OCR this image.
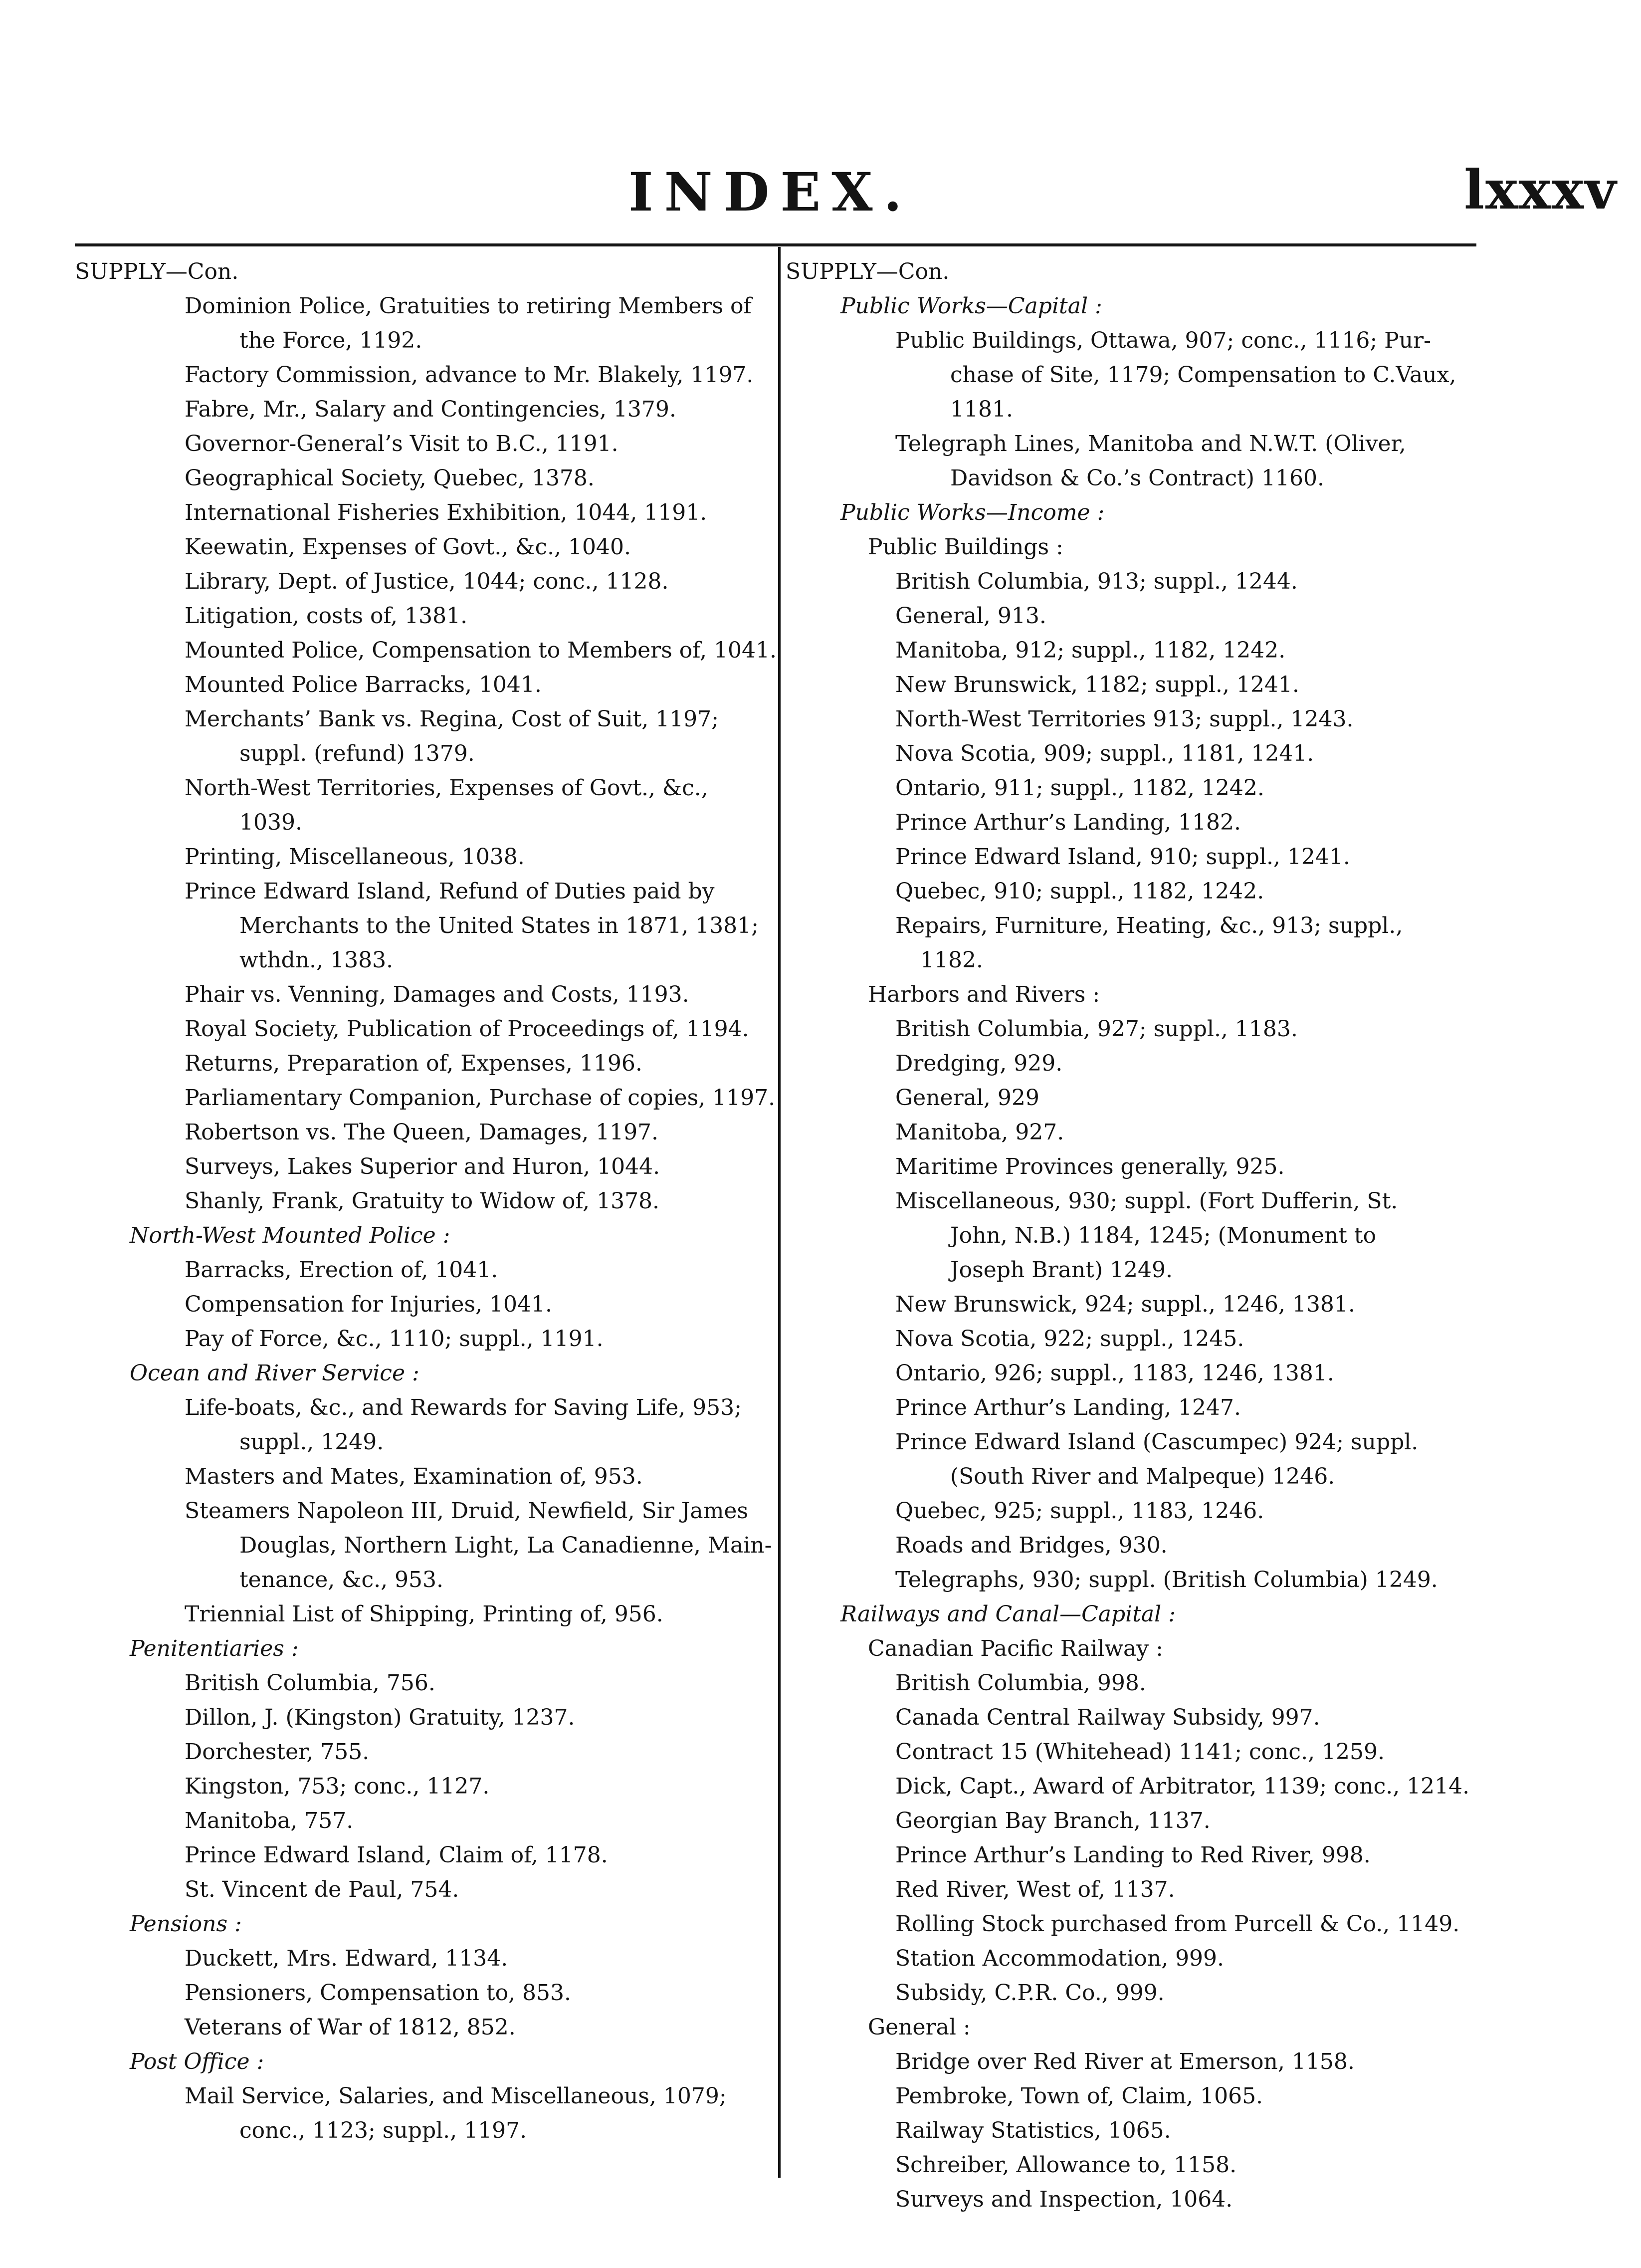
INDEX.	lxxxv
SUPPLY—Con.
Dominion Police, Gratuities to retiring Members of
the Force, 1192.
Factory Commission, advance to Mr. Blakely, 1197.
Fabre, Mr., Salary and Contingencies, 1379.
Governor-General’s Visit to B.C., 1191.
Geographical Society, Quebec, 1378.
International Fisheries Exhibition, 1044, 1191.
Keewatin, Expenses of Govt., &c., 1040.
Library, Dept. of Justice, 1044; conc., 1128.
Litigation, costs of, 1381.
Mounted Police, Compensation to Members of, 1041.
Mounted Police Barracks, 1041.
Merchants’ Bank vs. Regina, Cost of Suit, 1197;
suppl. (refund) 1379.
North-West Territories, Expenses of Govt., &c.,
1039.
Printing, Miscellaneous, 1038.
Prince Edward Island, Refund of Duties paid by
Merchants to the United States in 1871, 1381;
wthdn., 1383.
Phair vs. Venning, Damages and Costs, 1193.
Royal Society, Publication of Proceedings of, 1194.
Returns, Preparation of, Expenses, 1196.
Parliamentary Companion, Purchase of copies, 1197.
Robertson vs. The Queen, Damages, 1197.
Surveys, Lakes Superior and Huron, 1044.
Shanly, Frank, Gratuity to Widow of, 1378.
North-West Mounted Police :
Barracks, Erection of, 1041.
Compensation for Injuries, 1041.
Pay of Force, &c., 1110; suppl., 1191.
Ocean and River Service :
Life-boats, &c., and Rewards for Saving Life, 953;
suppl., 1249.
Masters and Mates, Examination of, 953.
Steamers Napoleon III, Druid, Newfield, Sir James
Douglas, Northern Light, La Canadienne, Main-
tenance, &c., 953.
Triennial List of Shipping, Printing of, 956.
Penitentiaries :
British Columbia, 756.
Dillon, J. (Kingston) Gratuity, 1237.
Dorchester, 755.
Kingston, 753; conc., 1127.
Manitoba, 757.
Prince Edward Island, Claim of, 1178.
St. Vincent de Paul, 754.
Pensions :
Duckett, Mrs. Edward, 1134.
Pensioners, Compensation to, 853.
Veterans of War of 1812, 852.
Post Office :
Mail Service, Salaries, and Miscellaneous, 1079;
conc., 1123; suppl., 1197.
SUPPLY—Con.
Public Works—Capital :
Public Buildings, Ottawa, 907; conc., 1116; Pur-
chase of Site, 1179; Compensation to C.Vaux,
1181.
Telegraph Lines, Manitoba and N.W.T. (Oliver,
Davidson & Co.’s Contract) 1160.
Public Works—Income :
Public Buildings :
British Columbia, 913; suppl., 1244.
General, 913.
Manitoba, 912; suppl., 1182, 1242.
New Brunswick, 1182; suppl., 1241.
North-West Territories 913; suppl., 1243.
Nova Scotia, 909; suppl., 1181, 1241.
Ontario, 911; suppl., 1182, 1242.
Prince Arthur’s Landing, 1182.
Prince Edward Island, 910; suppl., 1241.
Quebec, 910; suppl., 1182, 1242.
Repairs, Furniture, Heating, &c., 913; suppl.,
1182.
Harbors and Rivers :
British Columbia, 927; suppl., 1183.
Dredging, 929.
General, 929
Manitoba, 927.
Maritime Provinces generally, 925.
Miscellaneous, 930; suppl. (Fort Dufferin, St.
John, N.B.) 1184, 1245; (Monument to
Joseph Brant) 1249.
New Brunswick, 924; suppl., 1246, 1381.
Nova Scotia, 922; suppl., 1245.
Ontario, 926; suppl., 1183, 1246, 1381.
Prince Arthur’s Landing, 1247.
Prince Edward Island (Cascumpec) 924; suppl.
(South River and Malpeque) 1246.
Quebec, 925; suppl., 1183, 1246.
Roads and Bridges, 930.
Telegraphs, 930; suppl. (British Columbia) 1249.
Railways and Canal—Capital :
Canadian Pacific Railway :
British Columbia, 998.
Canada Central Railway Subsidy, 997.
Contract 15 (Whitehead) 1141; conc., 1259.
Dick, Capt., Award of Arbitrator, 1139; conc., 1214.
Georgian Bay Branch, 1137.
Prince Arthur’s Landing to Red River, 998.
Red River, West of, 1137.
Rolling Stock purchased from Purcell & Co., 1149.
Station Accommodation, 999.
Subsidy, C.P.R. Co., 999.
General :
Bridge over Red River at Emerson, 1158.
Pembroke, Town of, Claim, 1065.
Railway Statistics, 1065.
Schreiber, Allowance to, 1158.
Surveys and Inspection, 1064.
